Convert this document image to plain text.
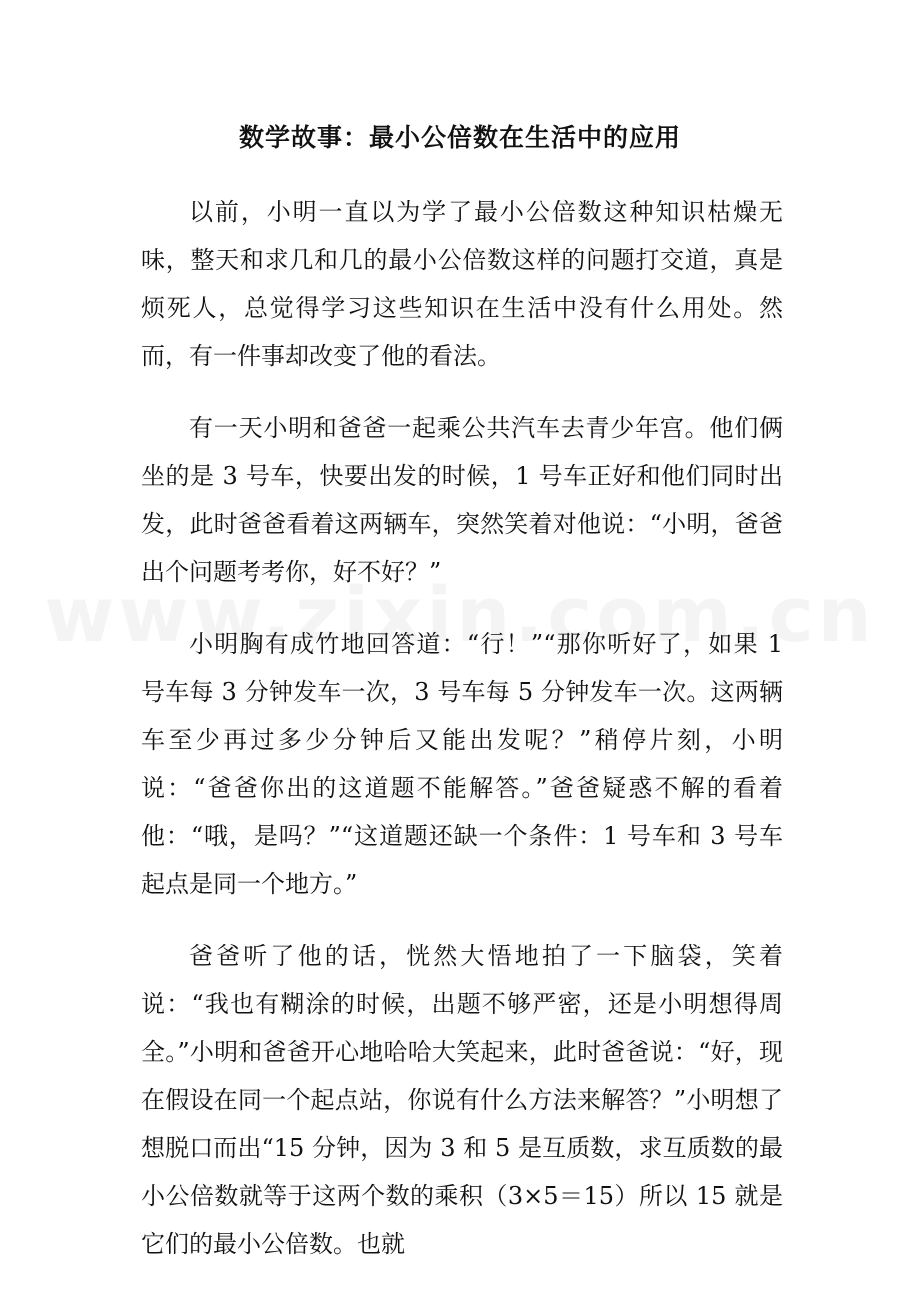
数学故事：最小公倍数在生活中的应用

以前，小明一直以为学了最小公倍数这种知识枯燥无味，整天和求几和几的最小公倍数这样的问题打交道，真是烦死人，总觉得学习这些知识在生活中没有什么用处。然而，有一件事却改变了他的看法。

有一天小明和爸爸一起乘公共汽车去青少年宫。他们俩坐的是 3 号车，快要出发的时候，1 号车正好和他们同时出发，此时爸爸看着这两辆车，突然笑着对他说：“小明，爸爸出个问题考考你，好不好？”

小明胸有成竹地回答道：“行！”“那你听好了，如果 1 号车每 3 分钟发车一次，3 号车每 5 分钟发车一次。这两辆车至少再过多少分钟后又能出发呢？”稍停片刻，小明说：“爸爸你出的这道题不能解答。”爸爸疑惑不解的看着他：“哦，是吗？”“这道题还缺一个条件：1 号车和 3 号车起点是同一个地方。”

爸爸听了他的话，恍然大悟地拍了一下脑袋，笑着说：“我也有糊涂的时候，出题不够严密，还是小明想得周全。”小明和爸爸开心地哈哈大笑起来，此时爸爸说：“好，现在假设在同一个起点站，你说有什么方法来解答？”小明想了想脱口而出“15 分钟，因为 3 和 5 是互质数，求互质数的最小公倍数就等于这两个数的乘积（3×5＝15）所以 15 就是它们的最小公倍数。也就
